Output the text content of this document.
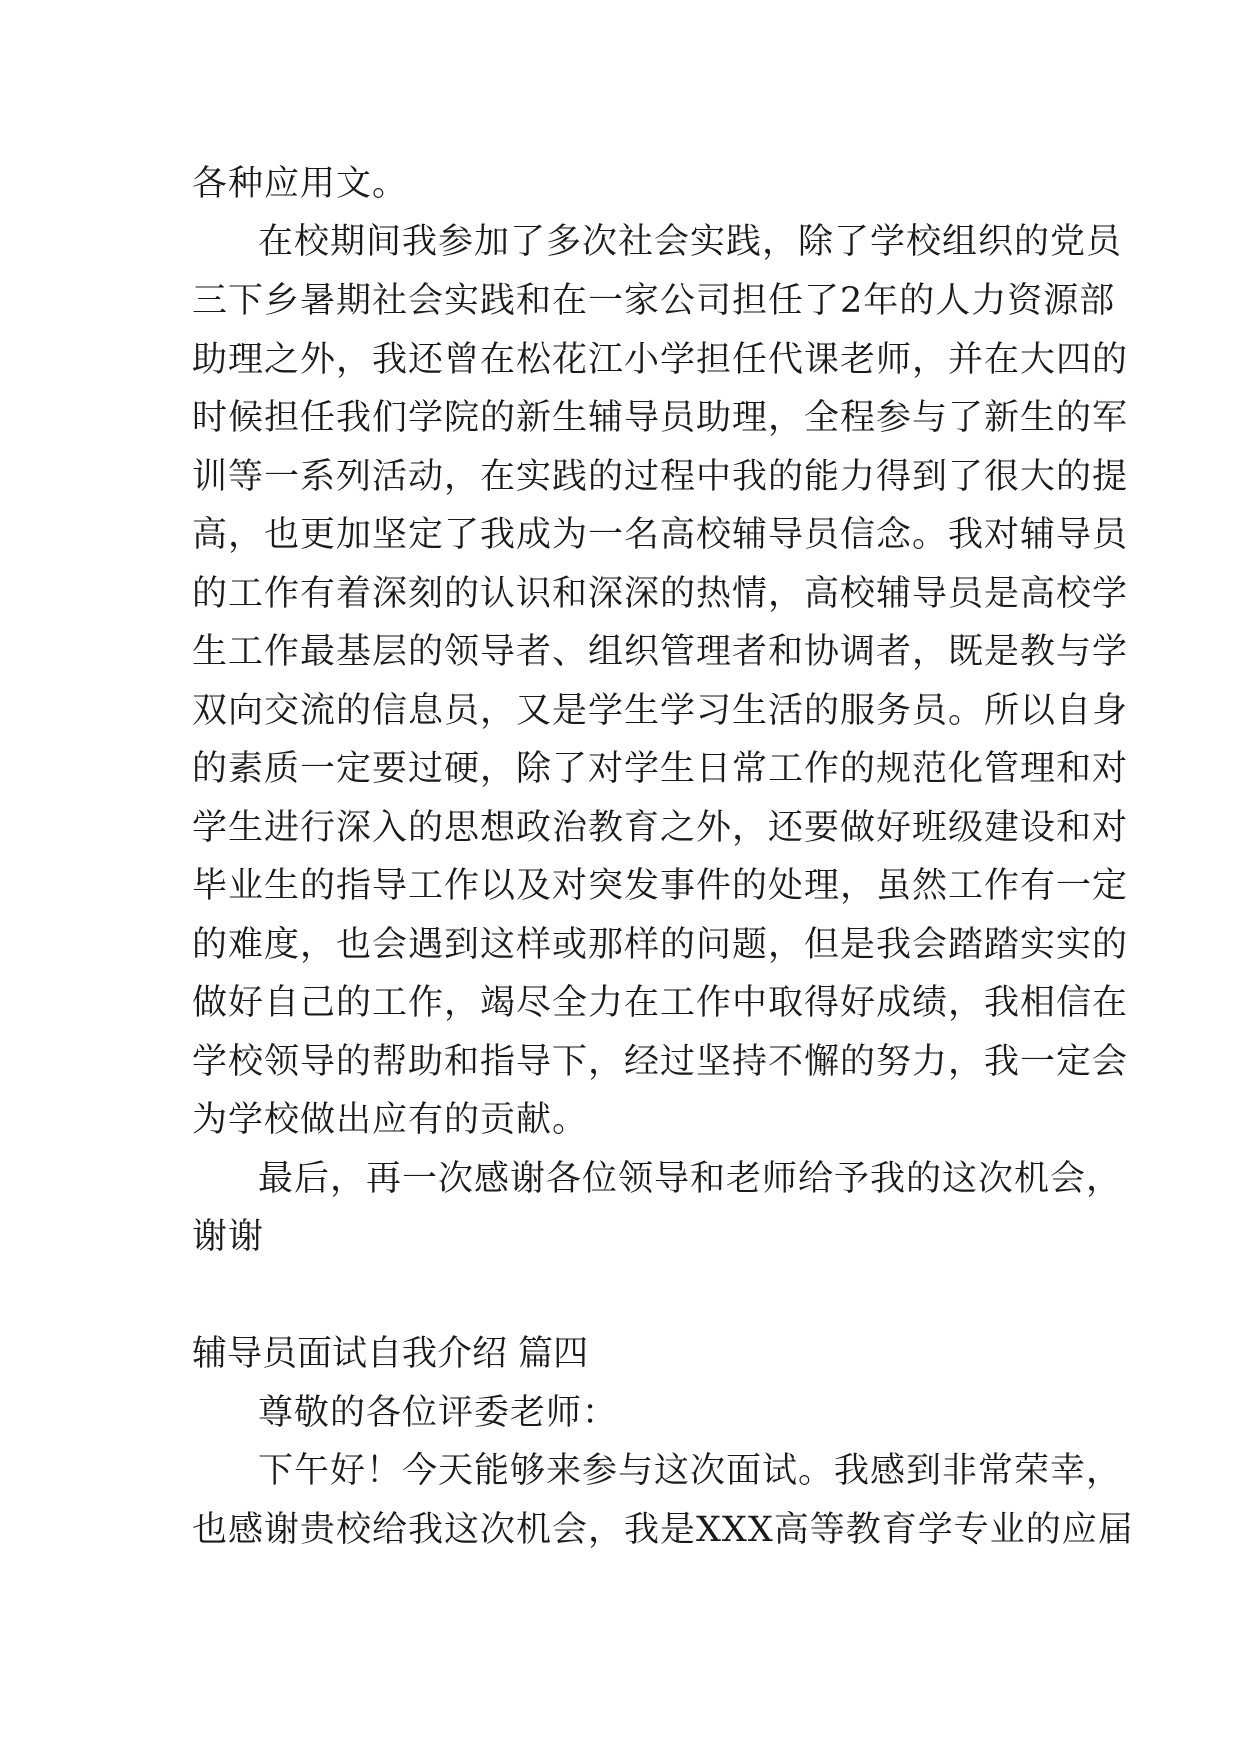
各种应用文。
在校期间我参加了多次社会实践，除了学校组织的党员
三下乡暑期社会实践和在一家公司担任了2年的人力资源部
助理之外，我还曾在松花江小学担任代课老师，并在大四的
时候担任我们学院的新生辅导员助理，全程参与了新生的军
训等一系列活动，在实践的过程中我的能力得到了很大的提
高，也更加坚定了我成为一名高校辅导员信念。我对辅导员
的工作有着深刻的认识和深深的热情，高校辅导员是高校学
生工作最基层的领导者、组织管理者和协调者，既是教与学
双向交流的信息员，又是学生学习生活的服务员。所以自身
的素质一定要过硬，除了对学生日常工作的规范化管理和对
学生进行深入的思想政治教育之外，还要做好班级建设和对
毕业生的指导工作以及对突发事件的处理，虽然工作有一定
的难度，也会遇到这样或那样的问题，但是我会踏踏实实的
做好自己的工作，竭尽全力在工作中取得好成绩，我相信在
学校领导的帮助和指导下，经过坚持不懈的努力，我一定会
为学校做出应有的贡献。
最后，再一次感谢各位领导和老师给予我的这次机会，
谢谢
辅导员面试自我介绍 篇四
尊敬的各位评委老师：
下午好！今天能够来参与这次面试。我感到非常荣幸，
也感谢贵校给我这次机会，我是XXX高等教育学专业的应届
